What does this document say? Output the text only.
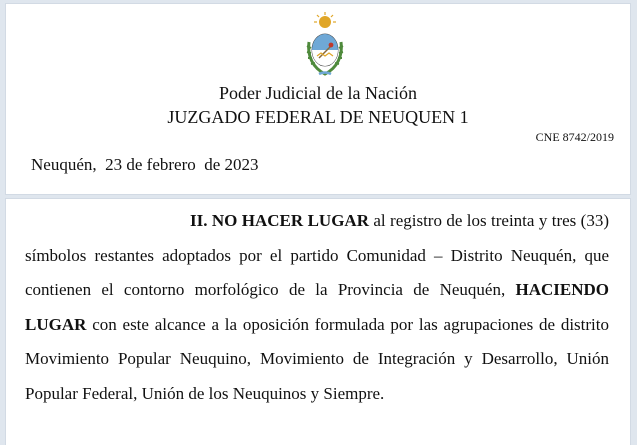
Poder Judicial de la Nación
JUZGADO FEDERAL DE NEUQUEN 1
CNE 8742/2019
Neuquén, 23 de febrero  de 2023
II. NO HACER LUGAR al registro de los treinta y tres (33) símbolos restantes adoptados por el partido Comunidad – Distrito Neuquén, que contienen el contorno morfológico de la Provincia de Neuquén, HACIENDO LUGAR con este alcance a la oposición formulada por las agrupaciones de distrito Movimiento Popular Neuquino, Movimiento de Integración y Desarrollo, Unión Popular Federal, Unión de los Neuquinos y Siempre.
